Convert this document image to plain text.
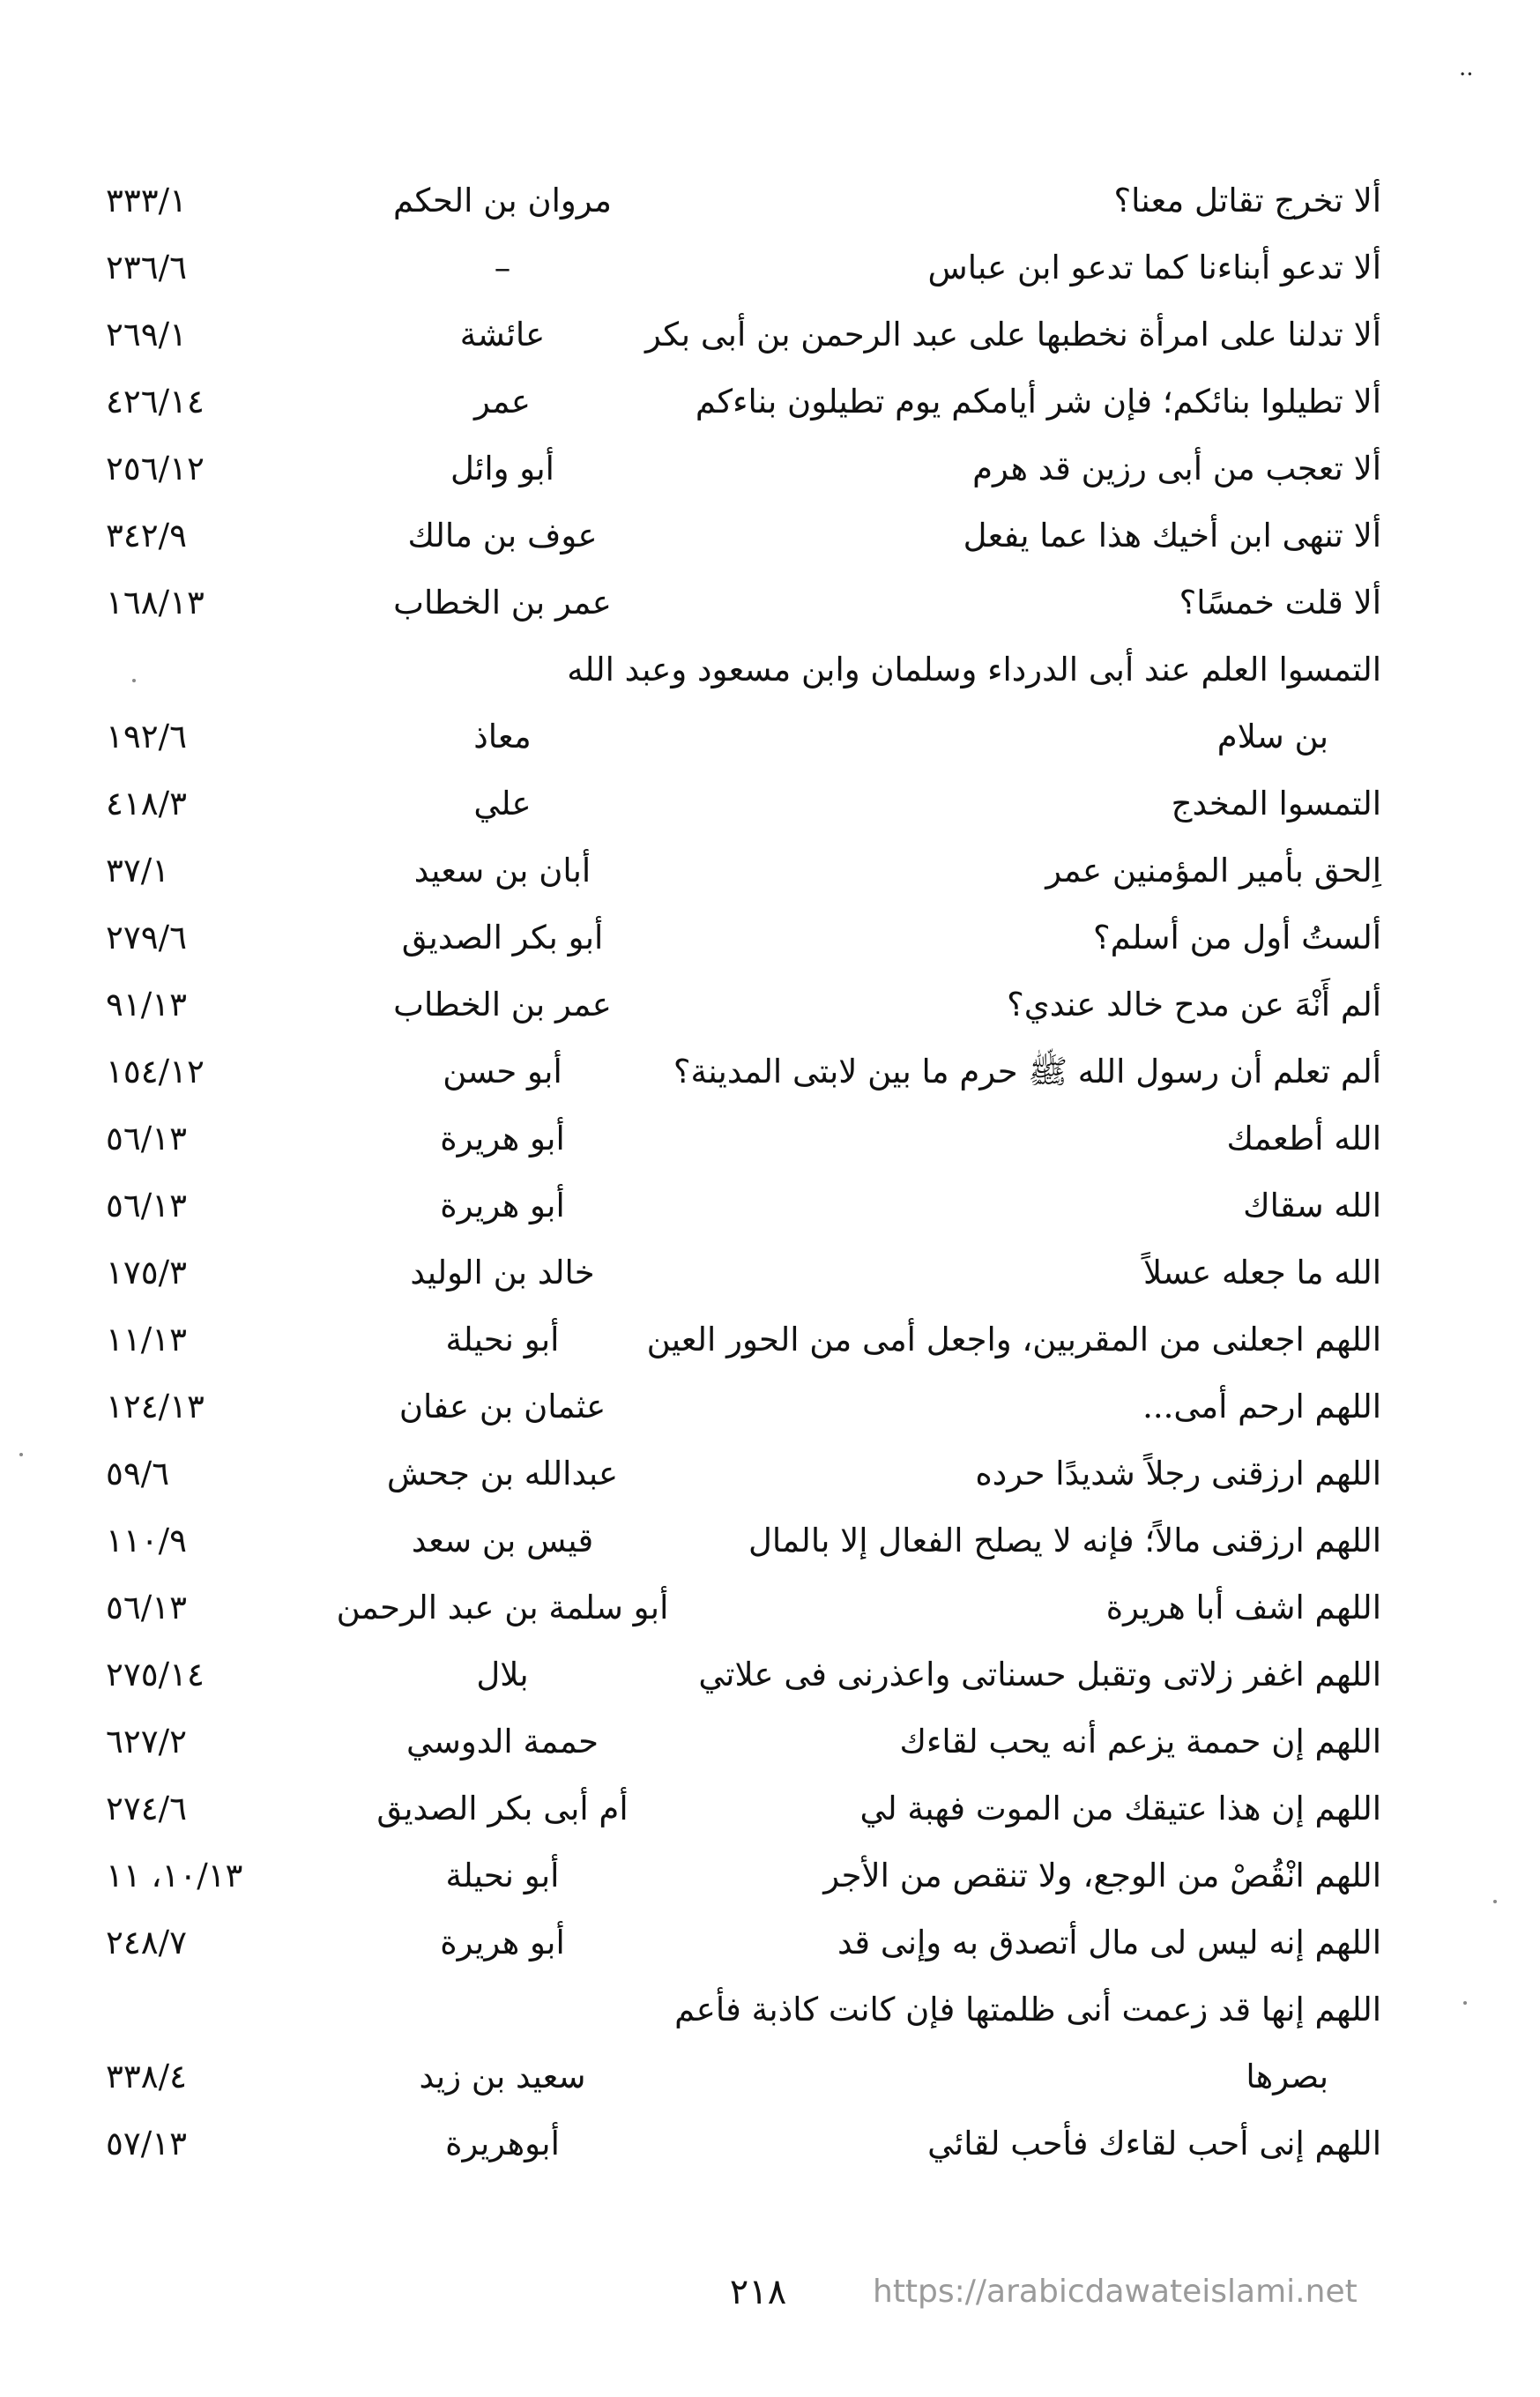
..
ألا تخرج تقاتل معنا؟
مروان بن الحكم
٣٣٣/١
ألا تدعو أبناءنا كما تدعو ابن عباس
–
٢٣٦/٦
ألا تدلنا على امرأة نخطبها على عبد الرحمن بن أبى بكر
عائشة
٢٦٩/١
ألا تطيلوا بنائكم؛ فإن شر أيامكم يوم تطيلون بناءكم
عمر
٤٢٦/١٤
ألا تعجب من أبى رزين قد هرم
أبو وائل
٢٥٦/١٢
ألا تنهى ابن أخيك هذا عما يفعل
عوف بن مالك
٣٤٢/٩
ألا قلت خمسًا؟
عمر بن الخطاب
١٦٨/١٣
التمسوا العلم عند أبى الدرداء وسلمان وابن مسعود وعبد الله
بن سلام
معاذ
١٩٢/٦
التمسوا المخدج
علي
٤١٨/٣
اِلحق بأمير المؤمنين عمر
أبان بن سعيد
٣٧/١
ألستُ أول من أسلم؟
أبو بكر الصديق
٢٧٩/٦
ألم أَنْهَ عن مدح خالد عندي؟
عمر بن الخطاب
٩١/١٣
ألم تعلم أن رسول الله ﷺ حرم ما بين لابتى المدينة؟
أبو حسن
١٥٤/١٢
الله أطعمك
أبو هريرة
٥٦/١٣
الله سقاك
أبو هريرة
٥٦/١٣
الله ما جعله عسلاً
خالد بن الوليد
١٧٥/٣
اللهم اجعلنى من المقربين، واجعل أمى من الحور العين
أبو نحيلة
١١/١٣
اللهم ارحم أمى...
عثمان بن عفان
١٢٤/١٣
اللهم ارزقنى رجلاً شديدًا حرده
عبدالله بن جحش
٥٩/٦
اللهم ارزقنى مالاً؛ فإنه لا يصلح الفعال إلا بالمال
قيس بن سعد
١١٠/٩
اللهم اشف أبا هريرة
أبو سلمة بن عبد الرحمن
٥٦/١٣
اللهم اغفر زلاتى وتقبل حسناتى واعذرنى فى علاتي
بلال
٢٧٥/١٤
اللهم إن حممة يزعم أنه يحب لقاءك
حممة الدوسي
٦٢٧/٢
اللهم إن هذا عتيقك من الموت فهبة لي
أم أبى بكر الصديق
٢٧٤/٦
اللهم انْقُصْ من الوجع، ولا تنقص من الأجر
أبو نحيلة
١٠/١٣، ١١
اللهم إنه ليس لى مال أتصدق به وإنى قد
أبو هريرة
٢٤٨/٧
اللهم إنها قد زعمت أنى ظلمتها فإن كانت كاذبة فأعم
بصرها
سعيد بن زيد
٣٣٨/٤
اللهم إنى أحب لقاءك فأحب لقائي
أبوهريرة
٥٧/١٣
٢١٨	https://arabicdawateislami.net
